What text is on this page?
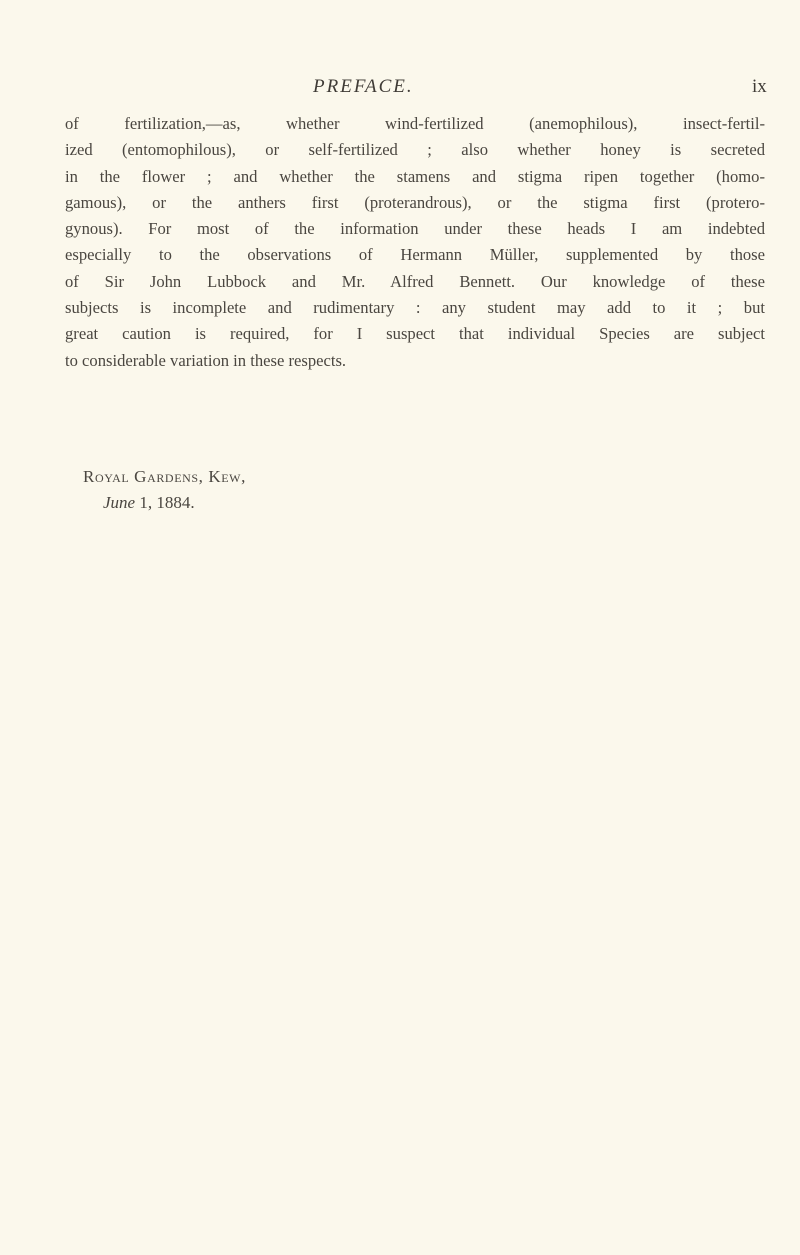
PREFACE.	ix
of fertilization,—as, whether wind-fertilized (anemophilous), insect-fertil-
ized (entomophilous), or self-fertilized ; also whether honey is secreted
in the flower ; and whether the stamens and stigma ripen together (homo-
gamous), or the anthers first (proterandrous), or the stigma first (protero-
gynous). For most of the information under these heads I am indebted
especially to the observations of Hermann Müller, supplemented by those
of Sir John Lubbock and Mr. Alfred Bennett. Our knowledge of these
subjects is incomplete and rudimentary : any student may add to it ; but
great caution is required, for I suspect that individual Species are subject
to considerable variation in these respects.
Royal Gardens, Kew,
June 1, 1884.
